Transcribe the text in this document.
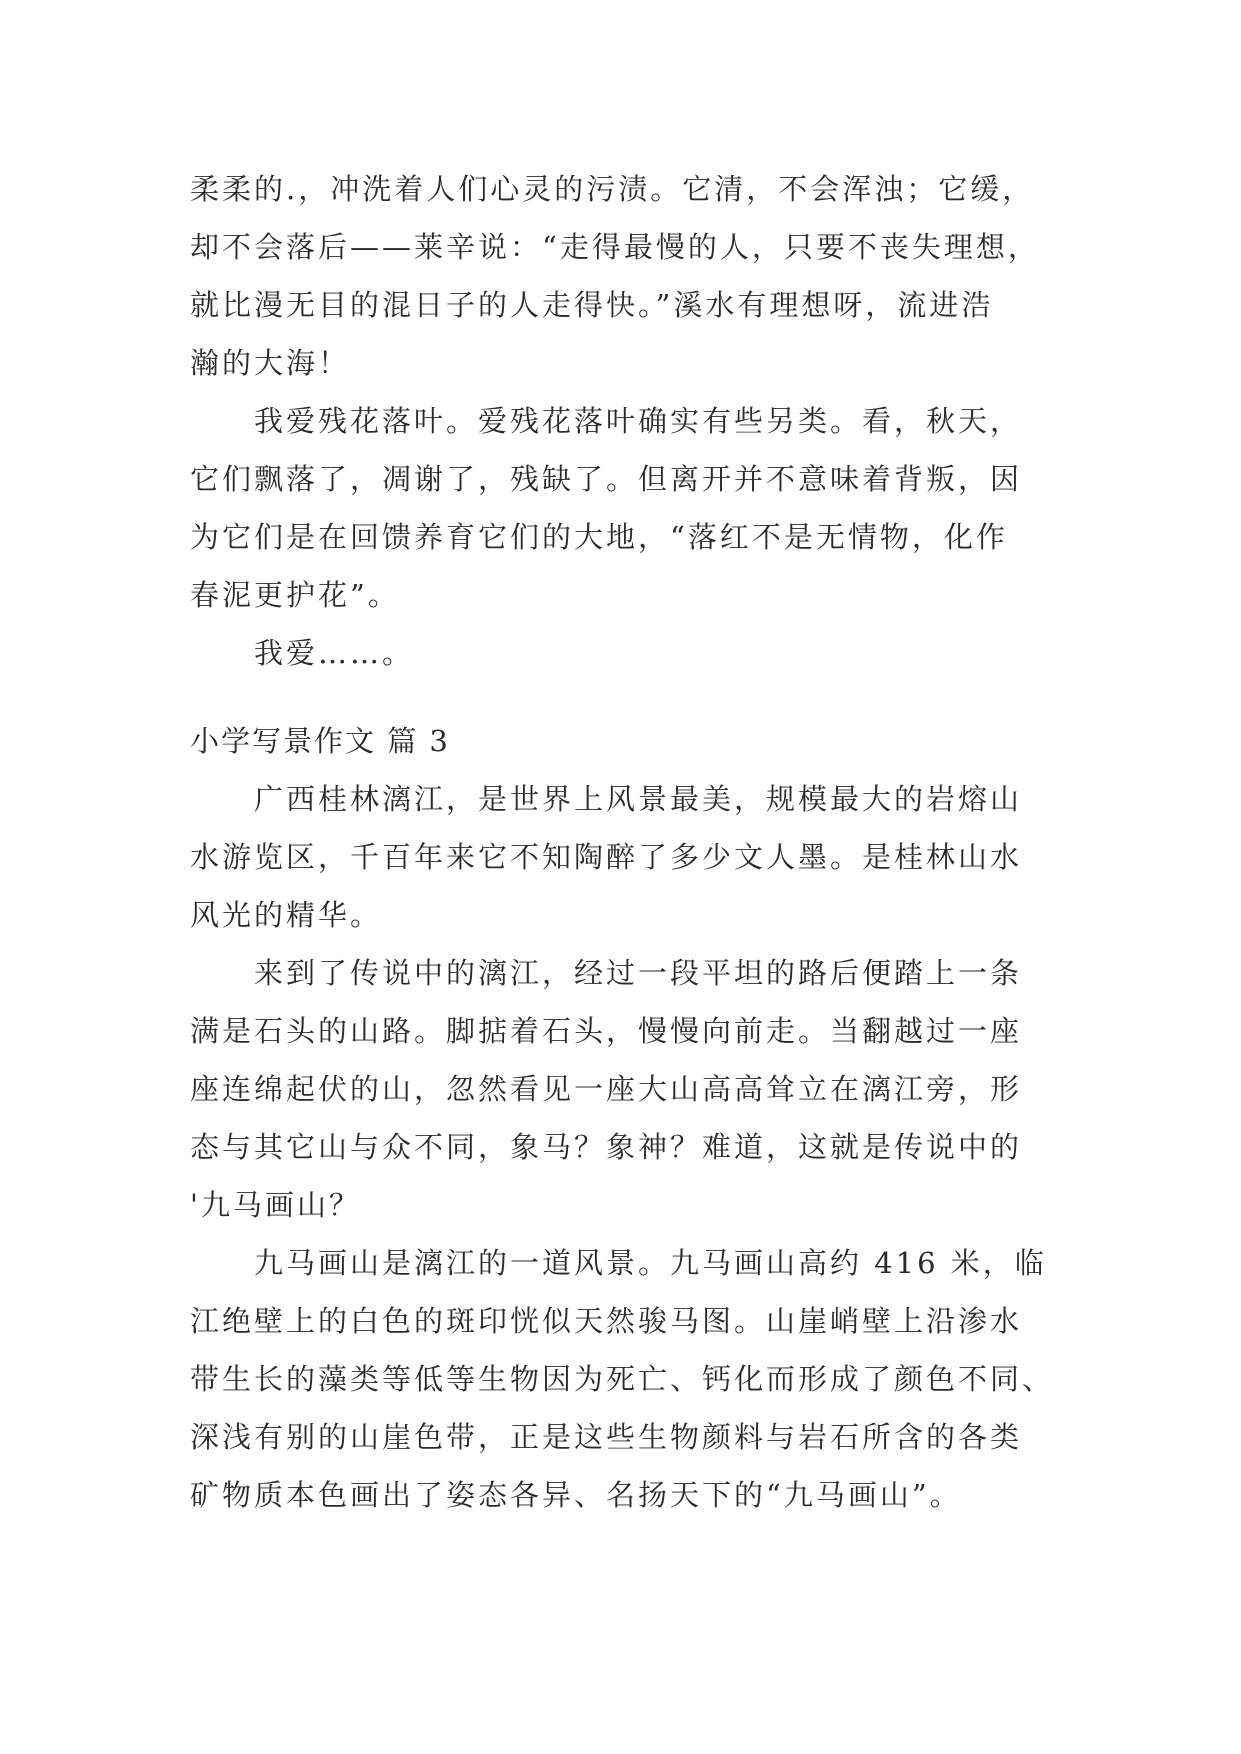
柔柔的.，冲洗着人们心灵的污渍。它清，不会浑浊；它缓，
却不会落后——莱辛说：“走得最慢的人，只要不丧失理想，
就比漫无目的混日子的人走得快。”溪水有理想呀，流进浩
瀚的大海！
我爱残花落叶。爱残花落叶确实有些另类。看，秋天，
它们飘落了，凋谢了，残缺了。但离开并不意味着背叛，因
为它们是在回馈养育它们的大地，“落红不是无情物，化作
春泥更护花”。
我爱……。
小学写景作文 篇 3
广西桂林漓江，是世界上风景最美，规模最大的岩熔山
水游览区，千百年来它不知陶醉了多少文人墨。是桂林山水
风光的精华。
来到了传说中的漓江，经过一段平坦的路后便踏上一条
满是石头的山路。脚掂着石头，慢慢向前走。当翻越过一座
座连绵起伏的山，忽然看见一座大山高高耸立在漓江旁，形
态与其它山与众不同，象马？象神？难道，这就是传说中的
'九马画山？
九马画山是漓江的一道风景。九马画山高约 416 米，临
江绝壁上的白色的斑印恍似天然骏马图。山崖峭壁上沿渗水
带生长的藻类等低等生物因为死亡、钙化而形成了颜色不同、
深浅有别的山崖色带，正是这些生物颜料与岩石所含的各类
矿物质本色画出了姿态各异、名扬天下的“九马画山”。
